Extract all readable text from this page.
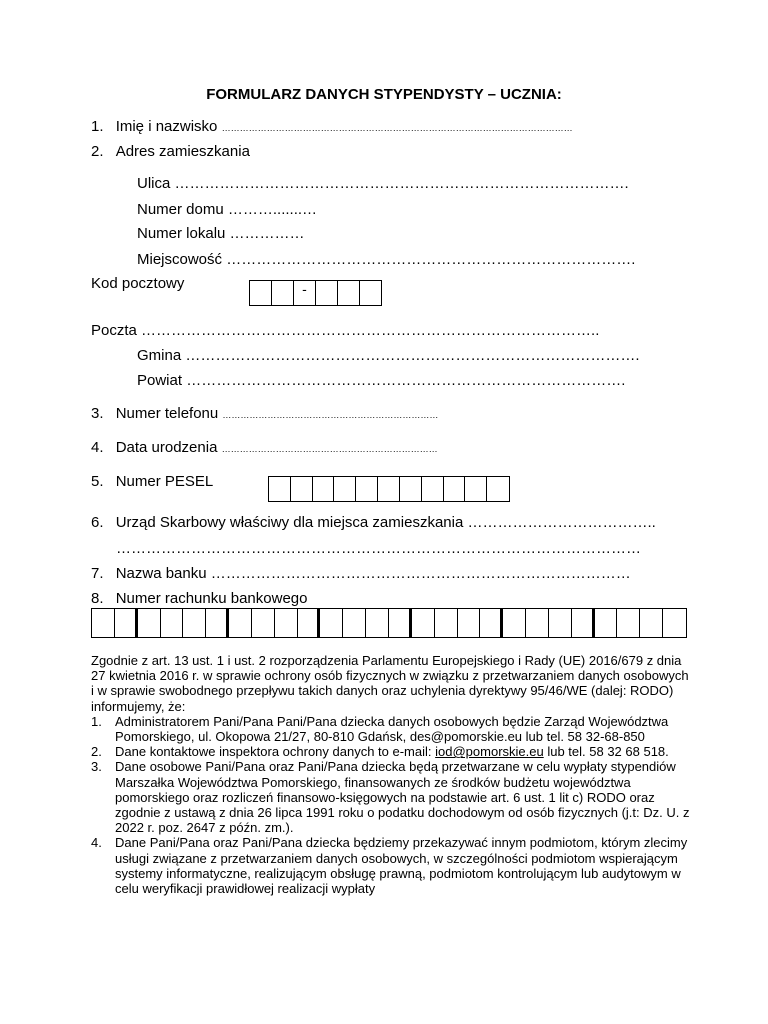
FORMULARZ DANYCH STYPENDYSTY – UCZNIA:
1. Imię i nazwisko ………………………………………………………………………………………………………
2. Adres zamieszkania
Ulica ……………………………………………………………………………….
Numer domu ……….......…
Numer lokalu ……………
Miejscowość ……………………………………………………………………….
Kod pocztowy	-
Poczta ………………………………………………………………………………..
Gmina ……………………………………………………………………………….
Powiat …………………………………………………………………………….
3. Numer telefonu ………………………………………………………………
4. Data urodzenia ………………………………………………………………
5. Numer PESEL
6. Urząd Skarbowy właściwy dla miejsca zamieszkania ………………………………..
……………………………………………………………………………………………
7. Nazwa banku …………………………………………………………………………
8. Numer rachunku bankowego

Zgodnie z art. 13 ust. 1 i ust. 2 rozporządzenia Parlamentu Europejskiego i Rady (UE) 2016/679 z dnia 27 kwietnia 2016 r. w sprawie ochrony osób fizycznych w związku z przetwarzaniem danych osobowych i w sprawie swobodnego przepływu takich danych oraz uchylenia dyrektywy 95/46/WE (dalej: RODO) informujemy, że:

1. Administratorem Pani/Pana Pani/Pana dziecka danych osobowych będzie Zarząd Województwa Pomorskiego, ul. Okopowa 21/27, 80-810 Gdańsk, des@pomorskie.eu lub tel. 58 32-68-850
2. Dane kontaktowe inspektora ochrony danych to e-mail: iod@pomorskie.eu lub tel. 58 32 68 518.
3. Dane osobowe Pani/Pana oraz Pani/Pana dziecka będą przetwarzane w celu wypłaty stypendiów Marszałka Województwa Pomorskiego, finansowanych ze środków budżetu województwa pomorskiego oraz rozliczeń finansowo-księgowych na podstawie art. 6 ust. 1 lit c) RODO oraz zgodnie z ustawą z dnia 26 lipca 1991 roku o podatku dochodowym od osób fizycznych (j.t: Dz. U. z 2022 r. poz. 2647 z późn. zm.).
4. Dane Pani/Pana oraz Pani/Pana dziecka będziemy przekazywać innym podmiotom, którym zlecimy usługi związane z przetwarzaniem danych osobowych, w szczególności podmiotom wspierającym systemy informatyczne, realizującym obsługę prawną, podmiotom kontrolującym lub audytowym w celu weryfikacji prawidłowej realizacji wypłaty
